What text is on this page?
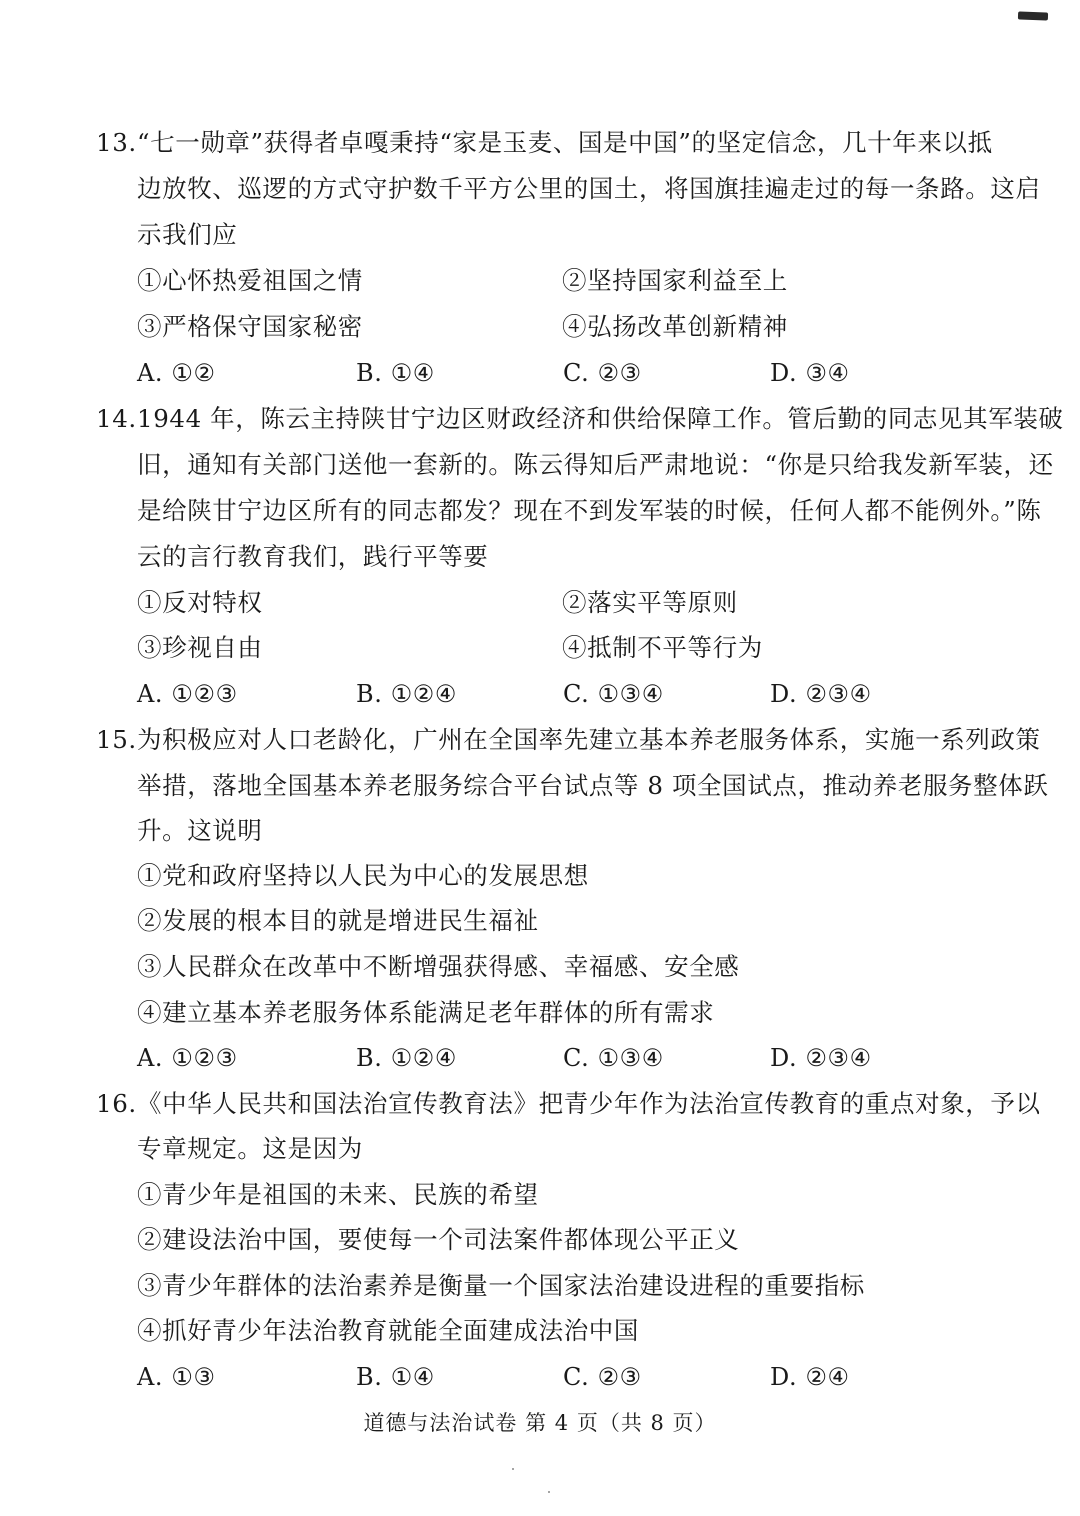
13. “七一勋章”获得者卓嘎秉持“家是玉麦、国是中国”的坚定信念，几十年来以抵
边放牧、巡逻的方式守护数千平方公里的国土，将国旗挂遍走过的每一条路。这启
示我们应
①心怀热爱祖国之情	②坚持国家利益至上
③严格保守国家秘密	④弘扬改革创新精神
A. ①②	B. ①④	C. ②③	D. ③④
14. 1944 年，陈云主持陕甘宁边区财政经济和供给保障工作。管后勤的同志见其军装破
旧，通知有关部门送他一套新的。陈云得知后严肃地说：“你是只给我发新军装，还
是给陕甘宁边区所有的同志都发？现在不到发军装的时候，任何人都不能例外。”陈
云的言行教育我们，践行平等要
①反对特权	②落实平等原则
③珍视自由	④抵制不平等行为
A. ①②③	B. ①②④	C. ①③④	D. ②③④
15. 为积极应对人口老龄化，广州在全国率先建立基本养老服务体系，实施一系列政策
举措，落地全国基本养老服务综合平台试点等 8 项全国试点，推动养老服务整体跃
升。这说明
①党和政府坚持以人民为中心的发展思想
②发展的根本目的就是增进民生福祉
③人民群众在改革中不断增强获得感、幸福感、安全感
④建立基本养老服务体系能满足老年群体的所有需求
A. ①②③	B. ①②④	C. ①③④	D. ②③④
16. 《中华人民共和国法治宣传教育法》把青少年作为法治宣传教育的重点对象，予以
专章规定。这是因为
①青少年是祖国的未来、民族的希望
②建设法治中国，要使每一个司法案件都体现公平正义
③青少年群体的法治素养是衡量一个国家法治建设进程的重要指标
④抓好青少年法治教育就能全面建成法治中国
A. ①③	B. ①④	C. ②③	D. ②④
道德与法治试卷 第 4 页（共 8 页）
